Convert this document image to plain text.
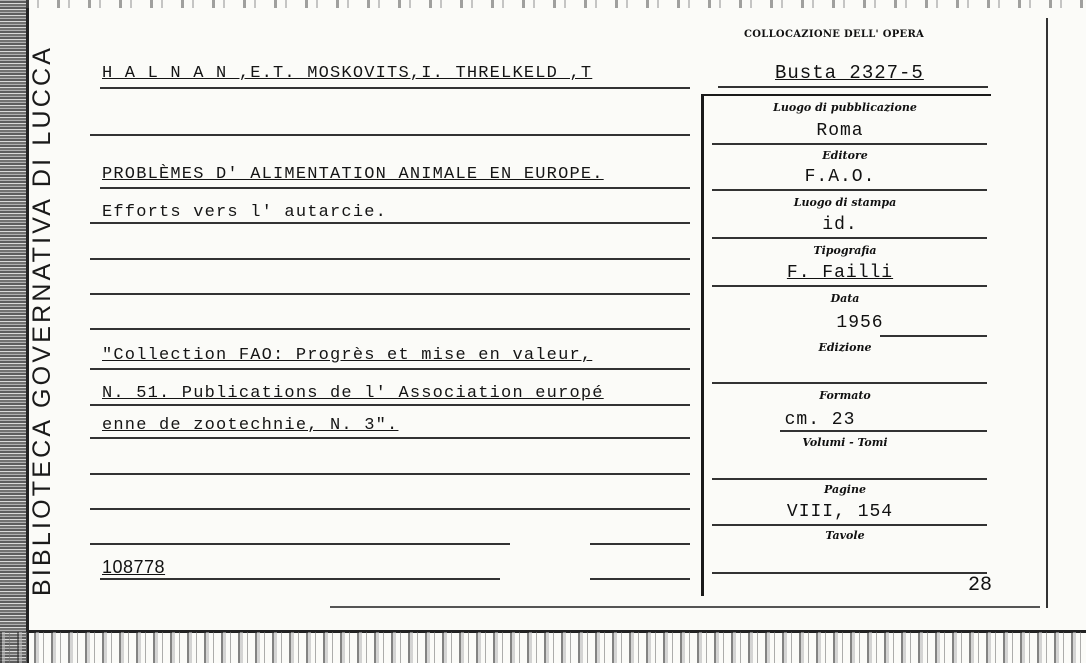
BIBLIOTECA GOVERNATIVA DI LUCCA
COLLOCAZIONE DELL' OPERA
Busta 2327-5
H A L N A N ,E.T. MOSKOVITS,I. THRELKELD ,T
PROBLÈMES D' ALIMENTATION ANIMALE EN EUROPE.
Efforts vers l' autarcie.
"Collection FAO: Progrès et mise en valeur,
N. 51. Publications de l' Association europé
enne de zootechnie, N. 3".
108778
Luogo di pubblicazione
Roma
Editore
F.A.O.
Luogo di stampa
id.
Tipografia
F. Failli
Data
1956
Edizione
Formato
cm. 23
Volumi - Tomi
Pagine
VIII, 154
Tavole
28
